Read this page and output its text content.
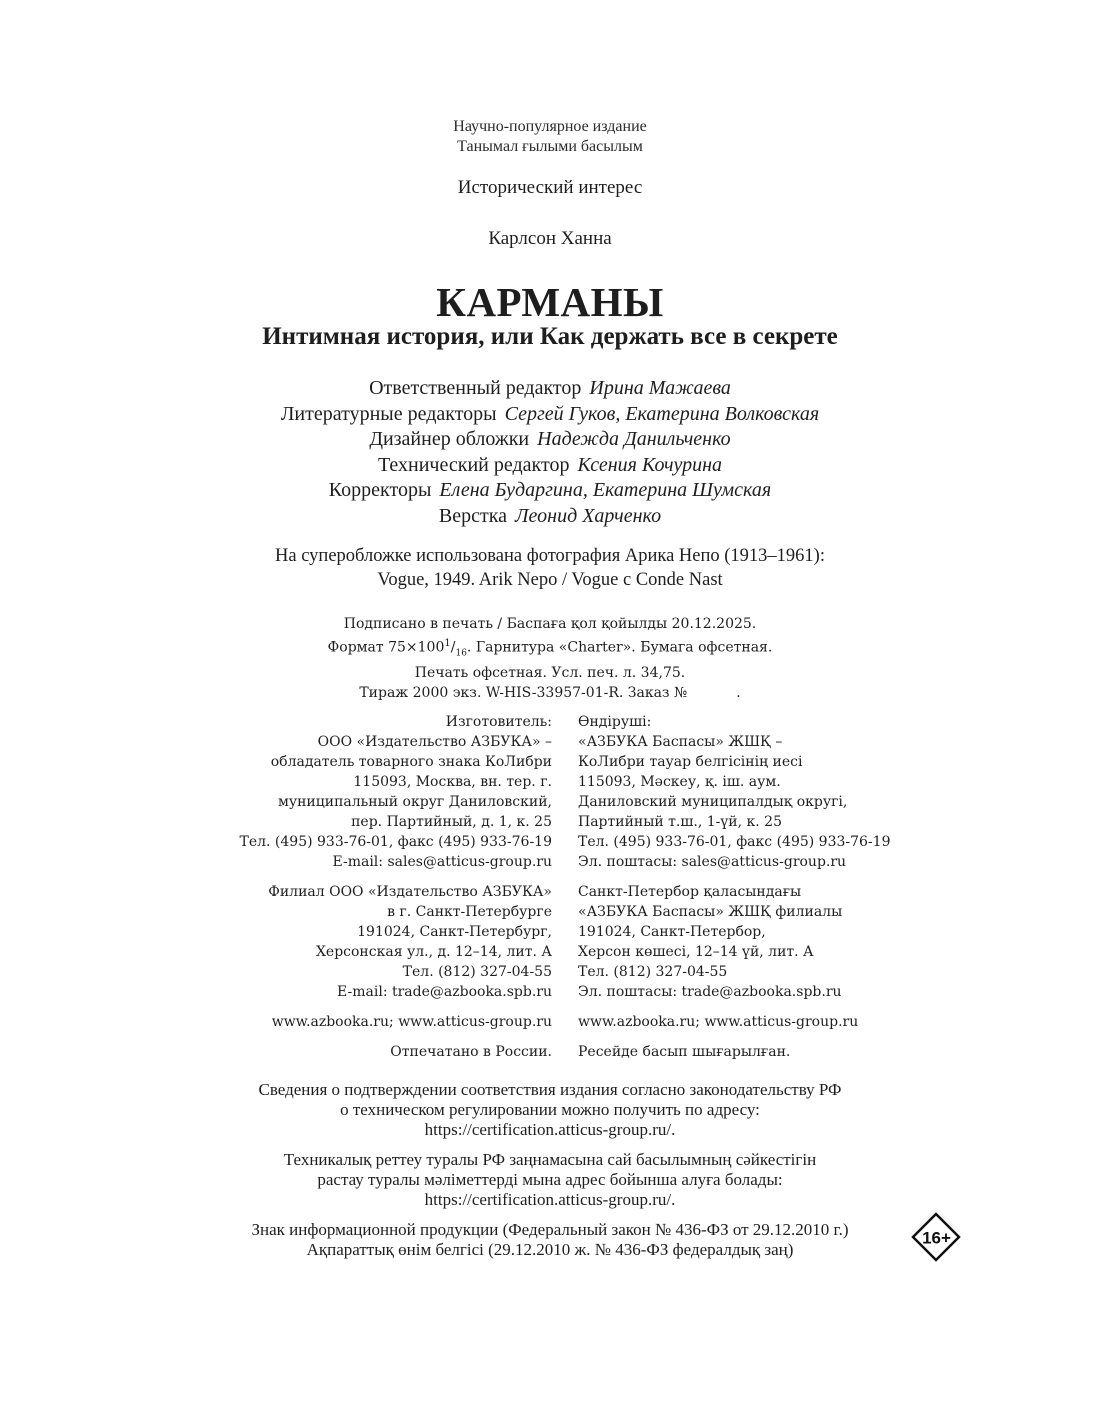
Научно-популярное издание
Танымал ғылыми басылым
Исторический интерес
Карлсон Ханна
КАРМАНЫ
Интимная история, или Как держать все в секрете
Ответственный редактор Ирина Мажаева
Литературные редакторы Сергей Гуков, Екатерина Волковская
Дизайнер обложки Надежда Данильченко
Технический редактор Ксения Кочурина
Корректоры Елена Бударгина, Екатерина Шумская
Верстка Леонид Харченко
На суперобложке использована фотография Арика Непо (1913–1961):
Vogue, 1949. Arik Nepo / Vogue с Conde Nast
Подписано в печать / Баспаға қол қойылды 20.12.2025.
Формат $75\times 100^1/_{16}$. Гарнитура «Charter». Бумага офсетная.
Печать офсетная. Усл. печ. л. 34,75.
Тираж 2000 экз. W-HIS-33957-01-R. Заказ №           .
Изготовитель:
ООО «Издательство АЗБУКА» –
обладатель товарного знака КоЛибри
115093, Москва, вн. тер. г.
муниципальный округ Даниловский,
пер. Партийный, д. 1, к. 25
Тел. (495) 933-76-01, факс (495) 933-76-19
E-mail: sales@atticus-group.ru
Өндіруші:
«АЗБУКА Баспасы» ЖШҚ –
КоЛибри тауар белгісінің иесі
115093, Мәскеу, қ. іш. аум.
Даниловский муниципалдық округі,
Партийный т.ш., 1-үй, к. 25
Тел. (495) 933-76-01, факс (495) 933-76-19
Эл. поштасы: sales@atticus-group.ru
Филиал ООО «Издательство АЗБУКА»
в г. Санкт-Петербурге
191024, Санкт-Петербург,
Херсонская ул., д. 12–14, лит. А
Тел. (812) 327-04-55
E-mail: trade@azbooka.spb.ru
Санкт-Петербор қаласындағы
«АЗБУКА Баспасы» ЖШҚ филиалы
191024, Санкт-Петербор,
Херсон көшесі, 12–14 үй, лит. А
Тел. (812) 327-04-55
Эл. поштасы: trade@azbooka.spb.ru
www.azbooka.ru; www.atticus-group.ru www.azbooka.ru; www.atticus-group.ru
Отпечатано в России. Ресейде басып шығарылған.
Сведения о подтверждении соответствия издания согласно законодательству РФ
о техническом регулировании можно получить по адресу:
https://certification.atticus-group.ru/.
Техникалық реттеу туралы РФ заңнамасына сай басылымның сәйкестігін
растау туралы мәліметтерді мына адрес бойынша алуға болады:
https://certification.atticus-group.ru/.
Знак информационной продукции (Федеральный закон № 436-ФЗ от 29.12.2010 г.)
Ақпараттық өнім белгісі (29.12.2010 ж. № 436-ФЗ федералдық заң)
16+
